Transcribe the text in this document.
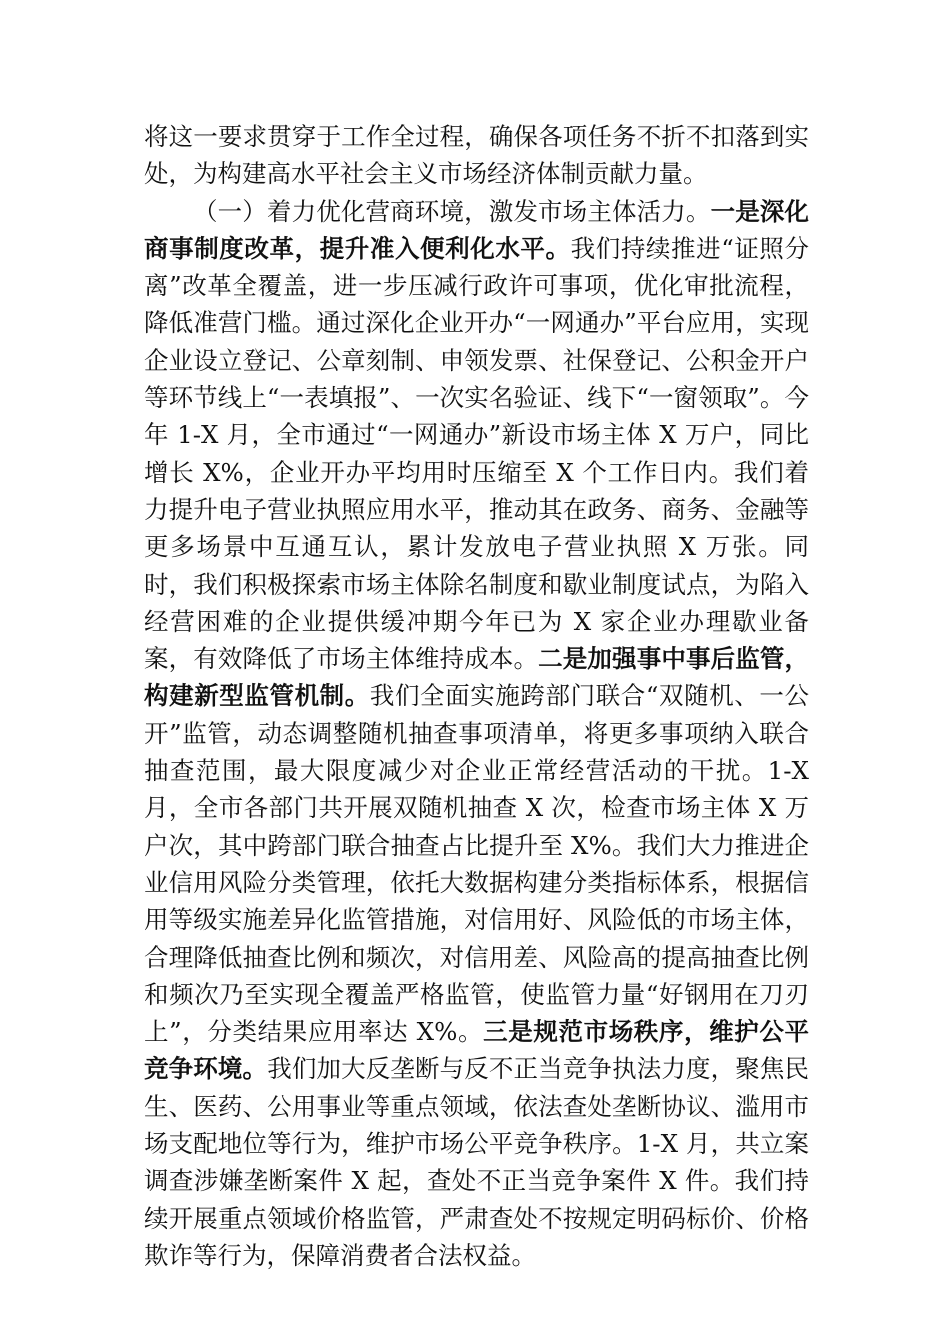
将这一要求贯穿于工作全过程，确保各项任务不折不扣落到实处，为构建高水平社会主义市场经济体制贡献力量。

（一）着力优化营商环境，激发市场主体活力。一是深化商事制度改革，提升准入便利化水平。我们持续推进“证照分离”改革全覆盖，进一步压减行政许可事项，优化审批流程，降低准营门槛。通过深化企业开办“一网通办”平台应用，实现企业设立登记、公章刻制、申领发票、社保登记、公积金开户等环节线上“一表填报”、一次实名验证、线下“一窗领取”。今年 1-X 月，全市通过“一网通办”新设市场主体 X 万户，同比增长 X%，企业开办平均用时压缩至 X 个工作日内。我们着力提升电子营业执照应用水平，推动其在政务、商务、金融等更多场景中互通互认，累计发放电子营业执照 X 万张。同时，我们积极探索市场主体除名制度和歇业制度试点，为陷入经营困难的企业提供缓冲期今年已为 X 家企业办理歇业备案，有效降低了市场主体维持成本。二是加强事中事后监管，构建新型监管机制。我们全面实施跨部门联合“双随机、一公开”监管，动态调整随机抽查事项清单，将更多事项纳入联合抽查范围，最大限度减少对企业正常经营活动的干扰。1-X 月，全市各部门共开展双随机抽查 X 次，检查市场主体 X 万户次，其中跨部门联合抽查占比提升至 X%。我们大力推进企业信用风险分类管理，依托大数据构建分类指标体系，根据信用等级实施差异化监管措施，对信用好、风险低的市场主体，合理降低抽查比例和频次，对信用差、风险高的提高抽查比例和频次乃至实现全覆盖严格监管，使监管力量“好钢用在刀刃上”，分类结果应用率达 X%。三是规范市场秩序，维护公平竞争环境。我们加大反垄断与反不正当竞争执法力度，聚焦民生、医药、公用事业等重点领域，依法查处垄断协议、滥用市场支配地位等行为，维护市场公平竞争秩序。1-X 月，共立案调查涉嫌垄断案件 X 起，查处不正当竞争案件 X 件。我们持续开展重点领域价格监管，严肃查处不按规定明码标价、价格欺诈等行为，保障消费者合法权益。
